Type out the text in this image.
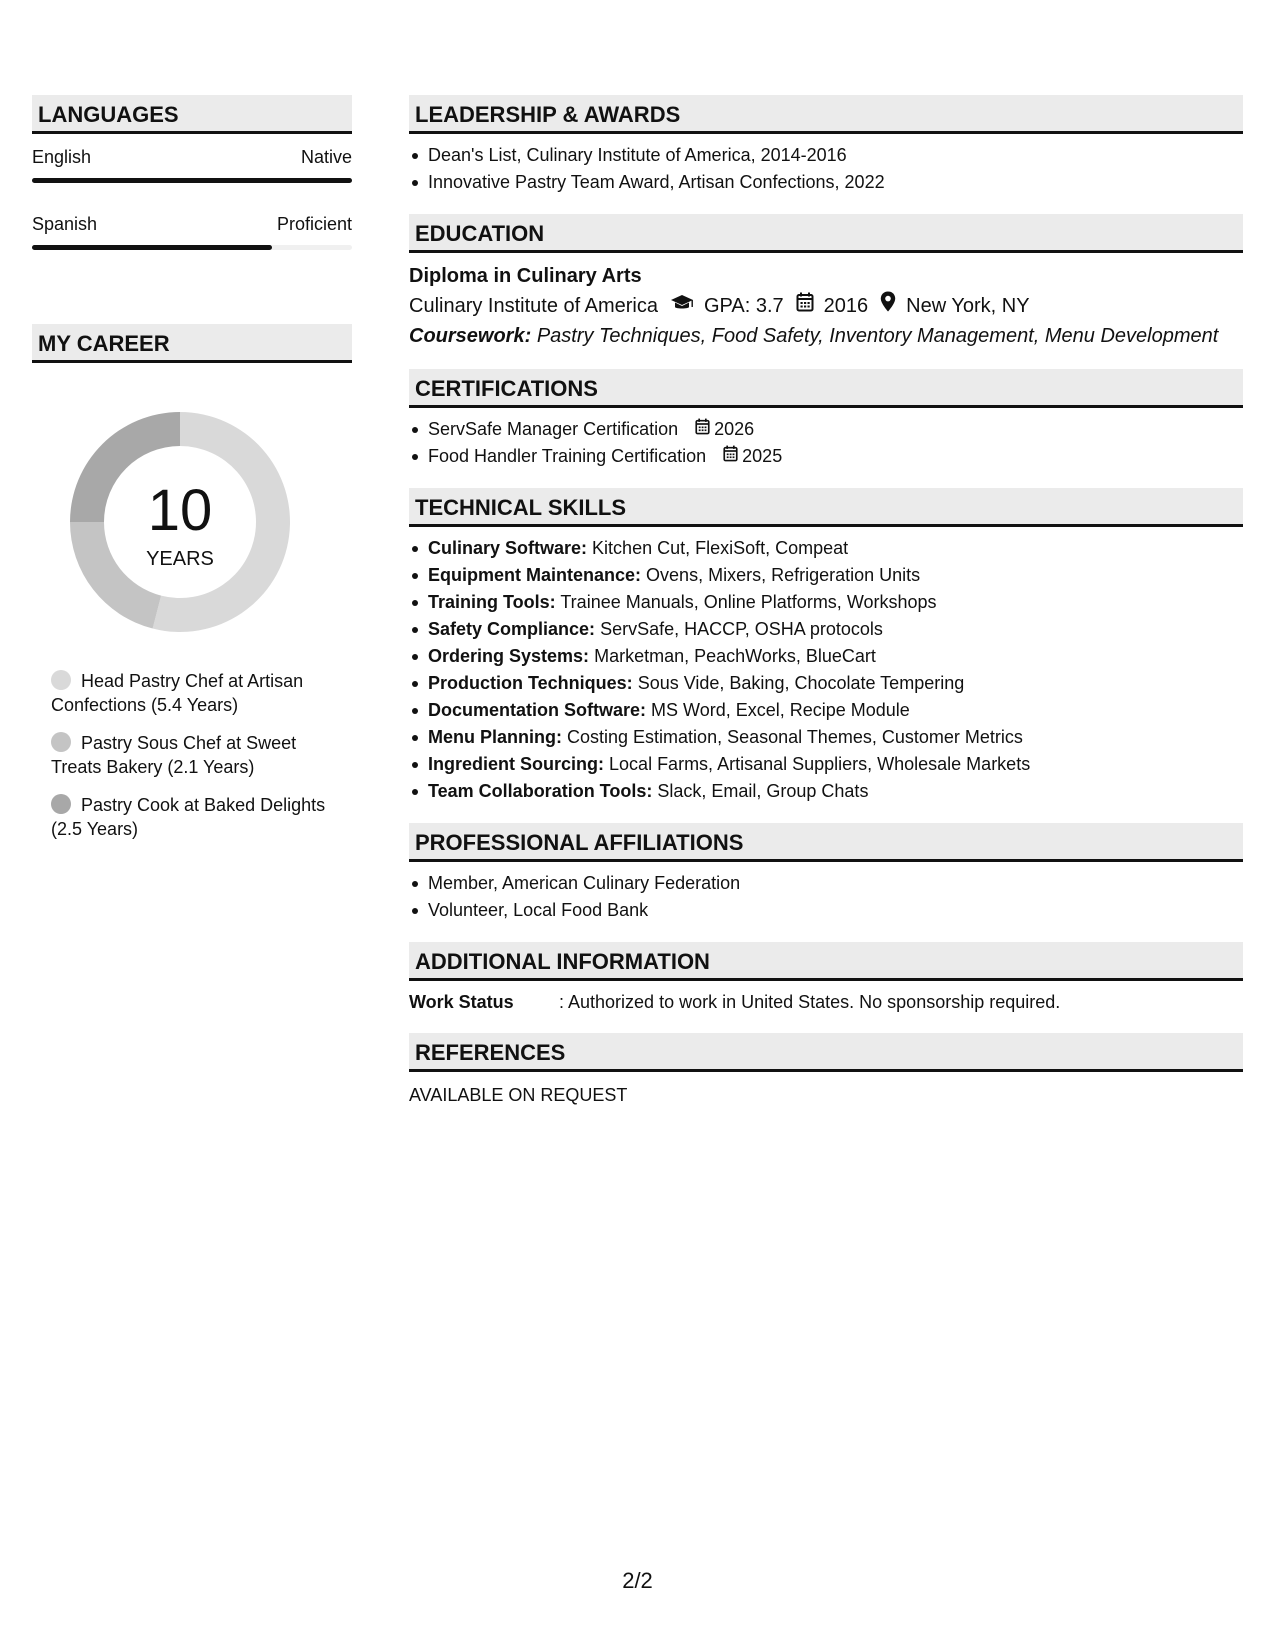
LANGUAGES
English	Native
Spanish	Proficient
MY CAREER
10
YEARS
Head Pastry Chef at Artisan Confections (5.4 Years)
Pastry Sous Chef at Sweet Treats Bakery (2.1 Years)
Pastry Cook at Baked Delights (2.5 Years)
LEADERSHIP & AWARDS
Dean's List, Culinary Institute of America, 2014-2016
Innovative Pastry Team Award, Artisan Confections, 2022
EDUCATION
Diploma in Culinary Arts
Culinary Institute of America GPA: 3.7 2016 New York, NY
Coursework: Pastry Techniques, Food Safety, Inventory Management, Menu Development
CERTIFICATIONS
ServSafe Manager Certification 2026
Food Handler Training Certification 2025
TECHNICAL SKILLS
Culinary Software: Kitchen Cut, FlexiSoft, Compeat
Equipment Maintenance: Ovens, Mixers, Refrigeration Units
Training Tools: Trainee Manuals, Online Platforms, Workshops
Safety Compliance: ServSafe, HACCP, OSHA protocols
Ordering Systems: Marketman, PeachWorks, BlueCart
Production Techniques: Sous Vide, Baking, Chocolate Tempering
Documentation Software: MS Word, Excel, Recipe Module
Menu Planning: Costing Estimation, Seasonal Themes, Customer Metrics
Ingredient Sourcing: Local Farms, Artisanal Suppliers, Wholesale Markets
Team Collaboration Tools: Slack, Email, Group Chats
PROFESSIONAL AFFILIATIONS
Member, American Culinary Federation
Volunteer, Local Food Bank
ADDITIONAL INFORMATION
Work Status	: Authorized to work in United States. No sponsorship required.
REFERENCES
AVAILABLE ON REQUEST
2/2
